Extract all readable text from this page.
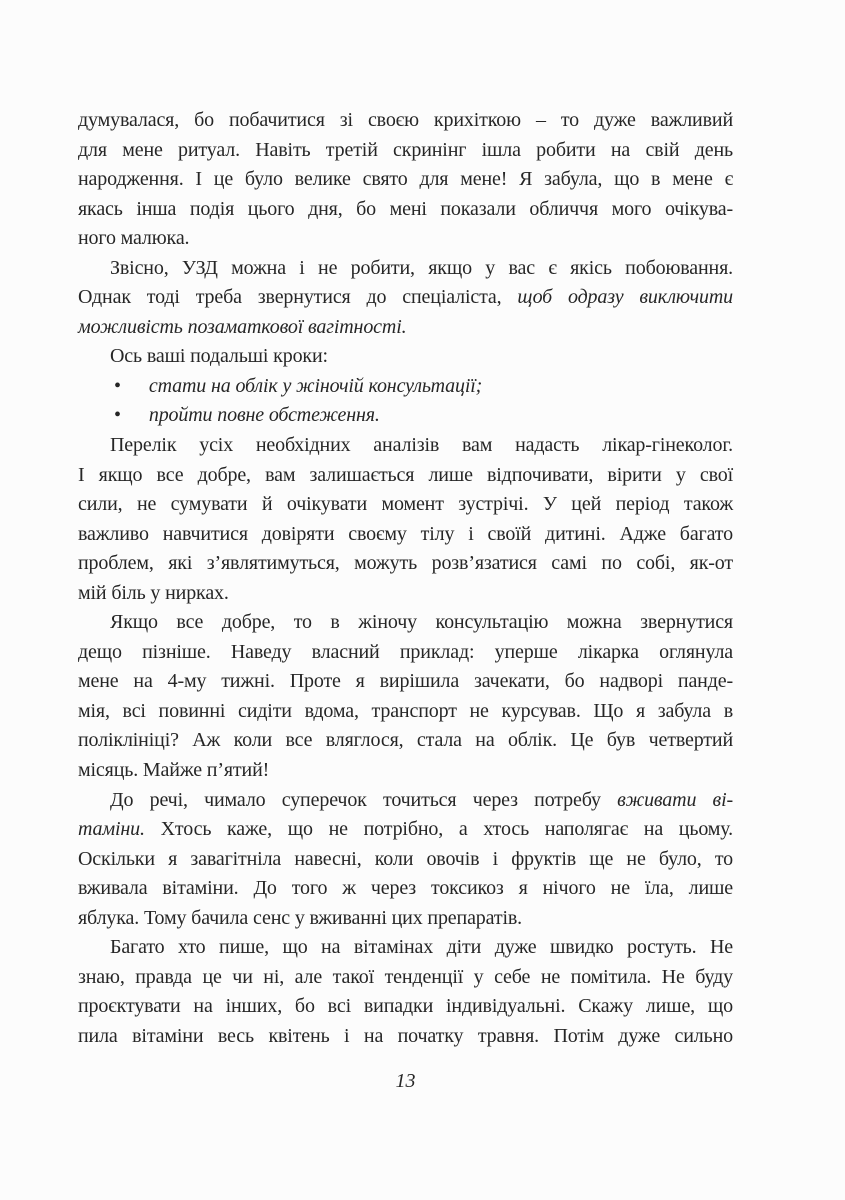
думувалася, бо побачитися зі своєю крихіткою – то дуже важливий
для мене ритуал. Навіть третій скринінг ішла робити на свій день
народження. І це було велике свято для мене! Я забула, що в мене є
якась інша подія цього дня, бо мені показали обличчя мого очікува-
ного малюка.
Звісно, УЗД можна і не робити, якщо у вас є якісь побоювання.
Однак тоді треба звернутися до спеціаліста, щоб одразу виключити
можливість позаматкової вагітності.
Ось ваші подальші кроки:
• стати на облік у жіночій консультації;
• пройти повне обстеження.
Перелік усіх необхідних аналізів вам надасть лікар-гінеколог.
І якщо все добре, вам залишається лише відпочивати, вірити у свої
сили, не сумувати й очікувати момент зустрічі. У цей період також
важливо навчитися довіряти своєму тілу і своїй дитині. Адже багато
проблем, які з’являтимуться, можуть розв’язатися самі по собі, як-от
мій біль у нирках.
Якщо все добре, то в жіночу консультацію можна звернутися
дещо пізніше. Наведу власний приклад: уперше лікарка оглянула
мене на 4-му тижні. Проте я вирішила зачекати, бо надворі панде-
мія, всі повинні сидіти вдома, транспорт не курсував. Що я забула в
поліклініці? Аж коли все вляглося, стала на облік. Це був четвертий
місяць. Майже п’ятий!
До речі, чимало суперечок точиться через потребу вживати ві-
таміни. Хтось каже, що не потрібно, а хтось наполягає на цьому.
Оскільки я завагітніла навесні, коли овочів і фруктів ще не було, то
вживала вітаміни. До того ж через токсикоз я нічого не їла, лише
яблука. Тому бачила сенс у вживанні цих препаратів.
Багато хто пише, що на вітамінах діти дуже швидко ростуть. Не
знаю, правда це чи ні, але такої тенденції у себе не помітила. Не буду
проєктувати на інших, бо всі випадки індивідуальні. Скажу лише, що
пила вітаміни весь квітень і на початку травня. Потім дуже сильно
13
